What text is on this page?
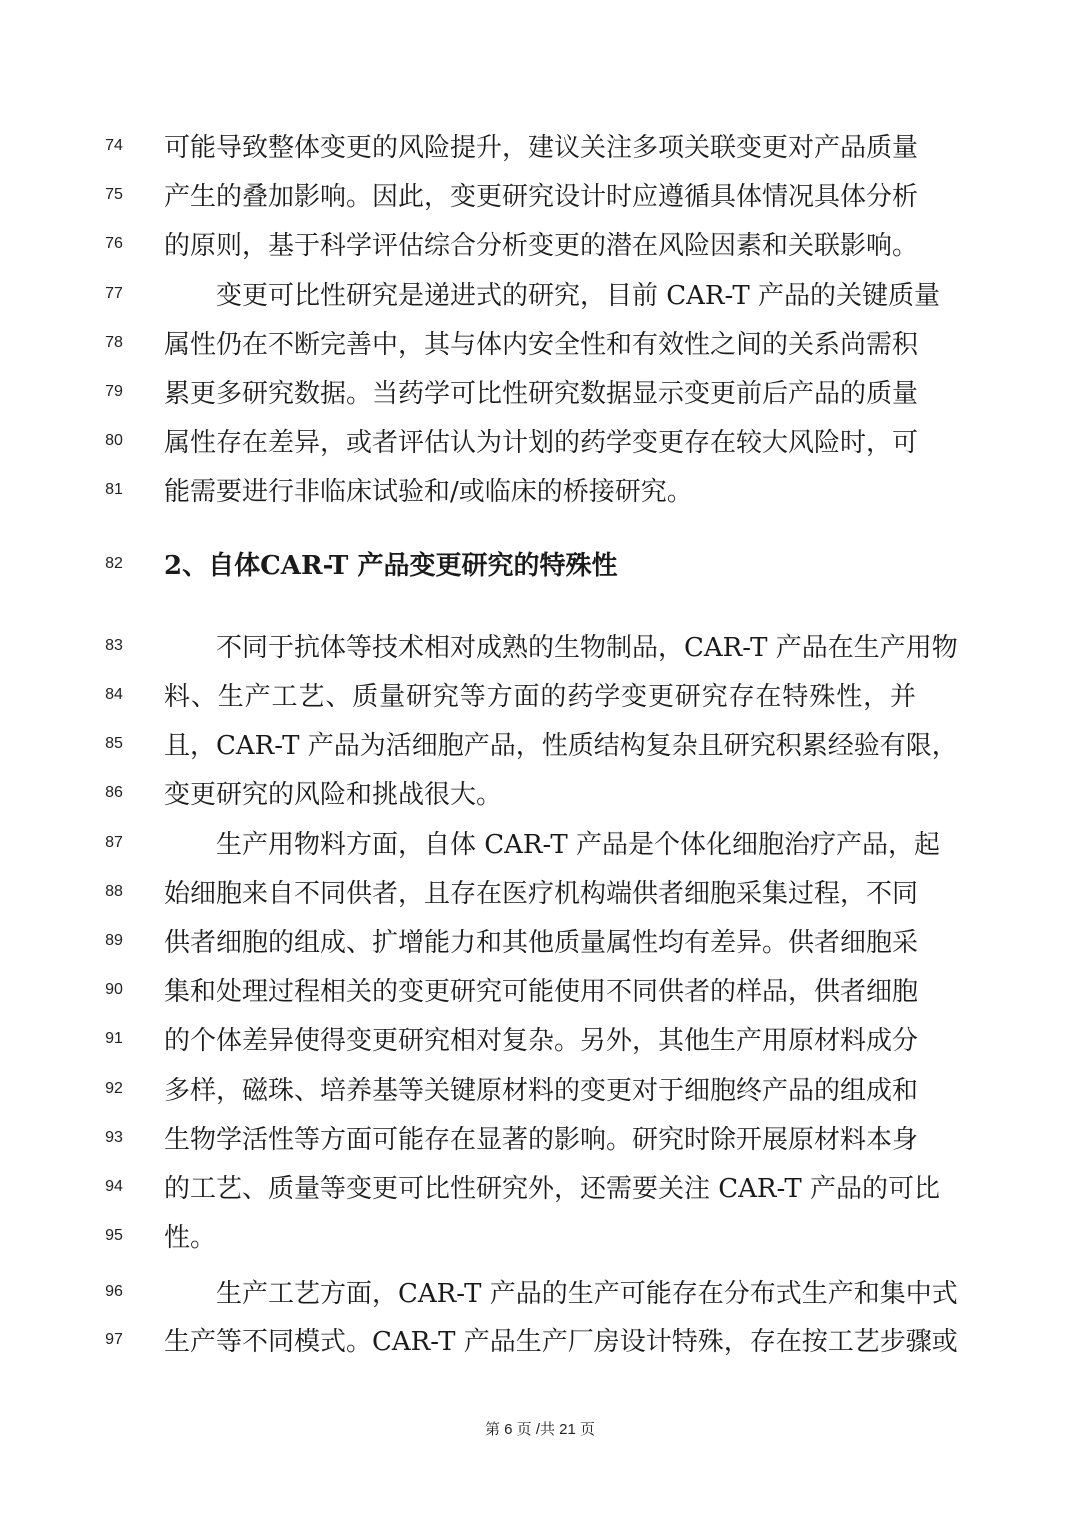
74	可能导致整体变更的风险提升，建议关注多项关联变更对产品质量
75	产生的叠加影响。因此，变更研究设计时应遵循具体情况具体分析
76	的原则，基于科学评估综合分析变更的潜在风险因素和关联影响。
77	变更可比性研究是递进式的研究，目前 CAR-T 产品的关键质量
78	属性仍在不断完善中，其与体内安全性和有效性之间的关系尚需积
79	累更多研究数据。当药学可比性研究数据显示变更前后产品的质量
80	属性存在差异，或者评估认为计划的药学变更存在较大风险时，可
81	能需要进行非临床试验和/或临床的桥接研究。
82	2、自体CAR-T 产品变更研究的特殊性
83	不同于抗体等技术相对成熟的生物制品，CAR-T 产品在生产用物
84	料、生产工艺、质量研究等方面的药学变更研究存在特殊性，并
85	且，CAR-T 产品为活细胞产品，性质结构复杂且研究积累经验有限，
86	变更研究的风险和挑战很大。
87	生产用物料方面，自体 CAR-T 产品是个体化细胞治疗产品，起
88	始细胞来自不同供者，且存在医疗机构端供者细胞采集过程，不同
89	供者细胞的组成、扩增能力和其他质量属性均有差异。供者细胞采
90	集和处理过程相关的变更研究可能使用不同供者的样品，供者细胞
91	的个体差异使得变更研究相对复杂。另外，其他生产用原材料成分
92	多样，磁珠、培养基等关键原材料的变更对于细胞终产品的组成和
93	生物学活性等方面可能存在显著的影响。研究时除开展原材料本身
94	的工艺、质量等变更可比性研究外，还需要关注 CAR-T 产品的可比
95	性。
96	生产工艺方面，CAR-T 产品的生产可能存在分布式生产和集中式
97	生产等不同模式。CAR-T 产品生产厂房设计特殊，存在按工艺步骤或
第 6 页 /共 21 页
